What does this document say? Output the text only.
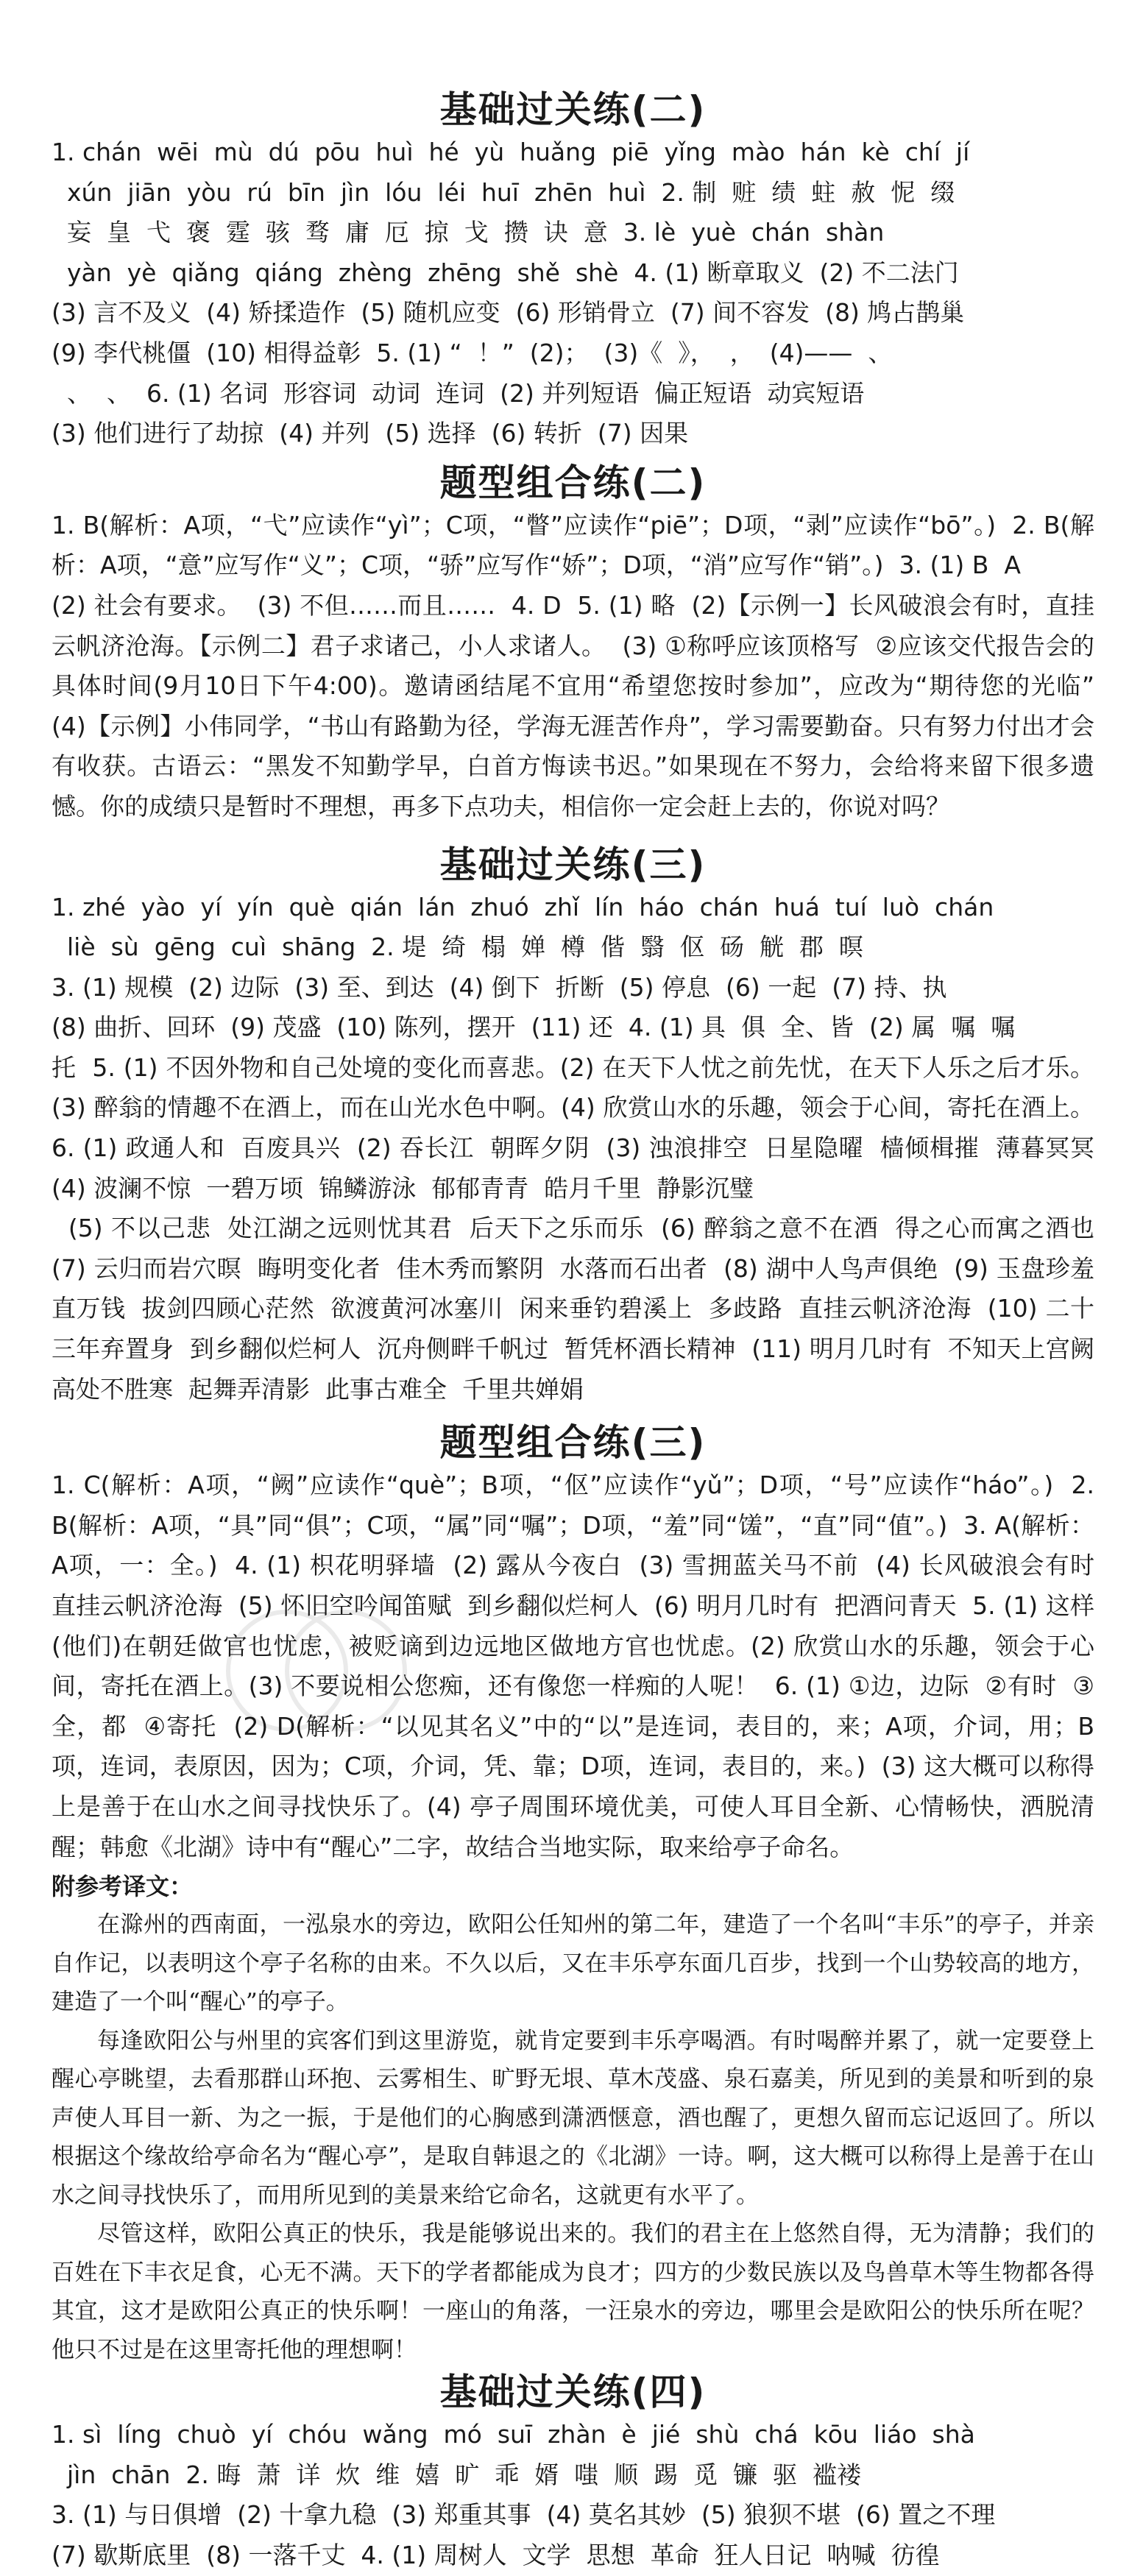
基础过关练(二)

1. chán  wēi  mù  dú  pōu  huì  hé  yù  huǎng  piē  yǐng  mào  hán  kè  chí  jí
xún  jiān  yòu  rú  bīn  jìn  lóu  léi  huī  zhēn  huì  2. 制  赃  绩  蛀  赦  怩  缀
妄  皇  弋  褒  霆  骇  骛  庸  厄  掠  戈  攒  诀  意  3. lè  yuè  chán  shàn
yàn  yè  qiǎng  qiáng  zhèng  zhēng  shě  shè  4. (1) 断章取义  (2) 不二法门
(3) 言不及义  (4) 矫揉造作  (5) 随机应变  (6) 形销骨立  (7) 间不容发  (8) 鸠占鹊巢
(9) 李代桃僵  (10) 相得益彰  5. (1) “  ！”  (2)；  (3)《  》，  ，  (4)——  、
、  、  6. (1) 名词  形容词  动词  连词  (2) 并列短语  偏正短语  动宾短语
(3) 他们进行了劫掠  (4) 并列  (5) 选择  (6) 转折  (7) 因果

题型组合练(二)

1. B(解析：A项，“弋”应读作“yì”；C项，“瞥”应读作“piē”；D项，“剥”应读作“bō”。)  2. B(解析：A项，“意”应写作“义”；C项，“骄”应写作“娇”；D项，“消”应写作“销”。)  3. (1) B  A
(2) 社会有要求。  (3) 不但……而且……  4. D  5. (1) 略  (2)【示例一】长风破浪会有时，直挂云帆济沧海。【示例二】君子求诸己，小人求诸人。  (3) ①称呼应该顶格写  ②应该交代报告会的具体时间(9月10日下午4:00)。邀请函结尾不宜用“希望您按时参加”，应改为“期待您的光临”  (4)【示例】小伟同学，“书山有路勤为径，学海无涯苦作舟”，学习需要勤奋。只有努力付出才会有收获。古语云：“黑发不知勤学早，白首方悔读书迟。”如果现在不努力，会给将来留下很多遗憾。你的成绩只是暂时不理想，再多下点功夫，相信你一定会赶上去的，你说对吗？

基础过关练(三)

1. zhé  yào  yí  yín  què  qián  lán  zhuó  zhǐ  lín  háo  chán  huá  tuí  luò  chán
liè  sù  gēng  cuì  shāng  2. 堤  绮  榻  婵  樽  偕  翳  伛  砀  觥  郡  暝
3. (1) 规模  (2) 边际  (3) 至、到达  (4) 倒下  折断  (5) 停息  (6) 一起  (7) 持、执
(8) 曲折、回环  (9) 茂盛  (10) 陈列，摆开  (11) 还  4. (1) 具  俱  全、皆  (2) 属  嘱  嘱
托  5. (1) 不因外物和自己处境的变化而喜悲。(2) 在天下人忧之前先忧，在天下人乐之后才乐。(3) 醉翁的情趣不在酒上，而在山光水色中啊。(4) 欣赏山水的乐趣，领会于心间，寄托在酒上。  6. (1) 政通人和  百废具兴  (2) 吞长江  朝晖夕阴  (3) 浊浪排空  日星隐曜  樯倾楫摧  薄暮冥冥  (4) 波澜不惊  一碧万顷  锦鳞游泳  郁郁青青  皓月千里  静影沉璧
(5) 不以己悲  处江湖之远则忧其君  后天下之乐而乐  (6) 醉翁之意不在酒  得之心而寓之酒也  (7) 云归而岩穴暝  晦明变化者  佳木秀而繁阴  水落而石出者  (8) 湖中人鸟声俱绝  (9) 玉盘珍羞直万钱  拔剑四顾心茫然  欲渡黄河冰塞川  闲来垂钓碧溪上  多歧路  直挂云帆济沧海  (10) 二十三年弃置身  到乡翻似烂柯人  沉舟侧畔千帆过  暂凭杯酒长精神  (11) 明月几时有  不知天上宫阙  高处不胜寒  起舞弄清影  此事古难全  千里共婵娟

题型组合练(三)

1. C(解析：A项，“阙”应读作“què”；B项，“伛”应读作“yǔ”；D项，“号”应读作“háo”。)  2. B(解析：A项，“具”同“俱”；C项，“属”同“嘱”；D项，“羞”同“馐”，“直”同“值”。)  3. A(解析：A项，一：全。)  4. (1) 枳花明驿墙  (2) 露从今夜白  (3) 雪拥蓝关马不前  (4) 长风破浪会有时  直挂云帆济沧海  (5) 怀旧空吟闻笛赋  到乡翻似烂柯人  (6) 明月几时有  把酒问青天  5. (1) 这样(他们)在朝廷做官也忧虑，被贬谪到边远地区做地方官也忧虑。(2) 欣赏山水的乐趣，领会于心间，寄托在酒上。(3) 不要说相公您痴，还有像您一样痴的人呢！  6. (1) ①边，边际  ②有时  ③全，都  ④寄托  (2) D(解析：“以见其名义”中的“以”是连词，表目的，来；A项，介词，用；B项，连词，表原因，因为；C项，介词，凭、靠；D项，连词，表目的，来。)  (3) 这大概可以称得上是善于在山水之间寻找快乐了。(4) 亭子周围环境优美，可使人耳目全新、心情畅快，洒脱清醒；韩愈《北湖》诗中有“醒心”二字，故结合当地实际，取来给亭子命名。

附参考译文：

在滁州的西南面，一泓泉水的旁边，欧阳公任知州的第二年，建造了一个名叫“丰乐”的亭子，并亲自作记，以表明这个亭子名称的由来。不久以后，又在丰乐亭东面几百步，找到一个山势较高的地方，建造了一个叫“醒心”的亭子。

每逢欧阳公与州里的宾客们到这里游览，就肯定要到丰乐亭喝酒。有时喝醉并累了，就一定要登上醒心亭眺望，去看那群山环抱、云雾相生、旷野无垠、草木茂盛、泉石嘉美，所见到的美景和听到的泉声使人耳目一新、为之一振，于是他们的心胸感到潇洒惬意，酒也醒了，更想久留而忘记返回了。所以根据这个缘故给亭命名为“醒心亭”，是取自韩退之的《北湖》一诗。啊，这大概可以称得上是善于在山水之间寻找快乐了，而用所见到的美景来给它命名，这就更有水平了。

尽管这样，欧阳公真正的快乐，我是能够说出来的。我们的君主在上悠然自得，无为清静；我们的百姓在下丰衣足食，心无不满。天下的学者都能成为良才；四方的少数民族以及鸟兽草木等生物都各得其宜，这才是欧阳公真正的快乐啊！一座山的角落，一汪泉水的旁边，哪里会是欧阳公的快乐所在呢？他只不过是在这里寄托他的理想啊！

基础过关练(四)

1. sì  líng  chuò  yí  chóu  wǎng  mó  suī  zhàn  è  jié  shù  chá  kōu  liáo  shà
jìn  chān  2. 晦  萧  详  炊  维  嬉  旷  乖  婿  嗤  顺  踢  觅  镰  驱  褴褛
3. (1) 与日俱增  (2) 十拿九稳  (3) 郑重其事  (4) 莫名其妙  (5) 狼狈不堪  (6) 置之不理
(7) 歇斯底里  (8) 一落千丈  4. (1) 周树人  文学  思想  革命  狂人日记  呐喊  彷徨
